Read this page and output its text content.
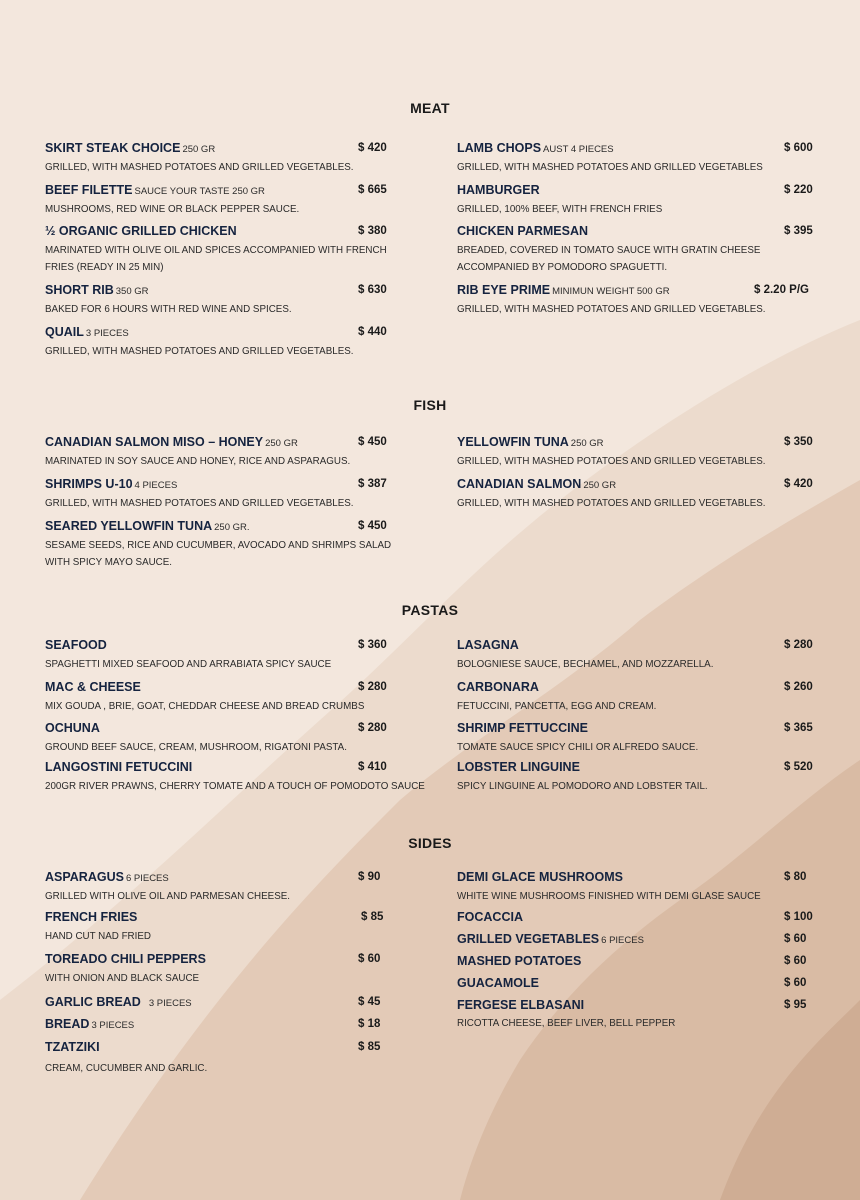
MEAT
SKIRT STEAK CHOICE 250 GR	$ 420
GRILLED, WITH MASHED POTATOES AND GRILLED VEGETABLES.
BEEF FILETTE SAUCE YOUR TASTE 250 GR	$ 665
MUSHROOMS, RED WINE OR BLACK PEPPER SAUCE.
½ ORGANIC GRILLED CHICKEN	$ 380
MARINATED WITH OLIVE OIL AND SPICES ACCOMPANIED WITH FRENCH FRIES (READY IN 25 MIN)
SHORT RIB 350 GR	$ 630
BAKED FOR 6 HOURS WITH RED WINE AND SPICES.
QUAIL 3 PIECES	$ 440
GRILLED, WITH MASHED POTATOES AND GRILLED VEGETABLES.
LAMB CHOPS AUST 4 PIECES	$ 600
GRILLED, WITH MASHED POTATOES AND GRILLED VEGETABLES
HAMBURGER	$ 220
GRILLED, 100% BEEF, WITH FRENCH FRIES
CHICKEN PARMESAN	$ 395
BREADED, COVERED IN TOMATO SAUCE WITH GRATIN CHEESE ACCOMPANIED BY POMODORO SPAGUETTI.
RIB EYE PRIME MINIMUN WEIGHT 500 GR	$ 2.20 P/G
GRILLED, WITH MASHED POTATOES AND GRILLED VEGETABLES.
FISH
CANADIAN SALMON MISO – HONEY 250 GR	$ 450
MARINATED IN SOY SAUCE AND HONEY, RICE AND ASPARAGUS.
SHRIMPS U-10 4 PIECES	$ 387
GRILLED, WITH MASHED POTATOES AND GRILLED VEGETABLES.
SEARED YELLOWFIN TUNA 250 GR.	$ 450
SESAME SEEDS, RICE AND CUCUMBER, AVOCADO AND SHRIMPS SALAD WITH SPICY MAYO SAUCE.
YELLOWFIN TUNA 250 GR	$ 350
GRILLED, WITH MASHED POTATOES AND GRILLED VEGETABLES.
CANADIAN SALMON 250 GR	$ 420
GRILLED, WITH MASHED POTATOES AND GRILLED VEGETABLES.
PASTAS
SEAFOOD	$ 360
SPAGHETTI MIXED SEAFOOD AND ARRABIATA SPICY SAUCE
MAC & CHEESE	$ 280
MIX GOUDA , BRIE, GOAT, CHEDDAR CHEESE AND BREAD CRUMBS
OCHUNA	$ 280
GROUND BEEF SAUCE, CREAM, MUSHROOM, RIGATONI PASTA.
LANGOSTINI FETUCCINI	$ 410
200GR RIVER PRAWNS, CHERRY TOMATE AND A TOUCH OF POMODOTO SAUCE
LASAGNA	$ 280
BOLOGNIESE SAUCE, BECHAMEL, AND MOZZARELLA.
CARBONARA	$ 260
FETUCCINI, PANCETTA, EGG AND CREAM.
SHRIMP FETTUCCINE	$ 365
TOMATE SAUCE SPICY CHILI OR ALFREDO SAUCE.
LOBSTER LINGUINE	$ 520
SPICY LINGUINE AL POMODORO AND LOBSTER TAIL.
SIDES
ASPARAGUS 6 PIECES	$ 90
GRILLED WITH OLIVE OIL AND PARMESAN CHEESE.
FRENCH FRIES	$ 85
HAND CUT NAD FRIED
TOREADO CHILI PEPPERS	$ 60
WITH ONION AND BLACK SAUCE
GARLIC BREAD 3 PIECES	$ 45
BREAD 3 PIECES	$ 18
TZATZIKI	$ 85
CREAM, CUCUMBER AND GARLIC.
DEMI GLACE MUSHROOMS	$ 80
WHITE WINE MUSHROOMS FINISHED WITH DEMI GLASE SAUCE
FOCACCIA	$ 100
GRILLED VEGETABLES 6 PIECES	$ 60
MASHED POTATOES	$ 60
GUACAMOLE	$ 60
FERGESE ELBASANI	$ 95
RICOTTA CHEESE, BEEF LIVER, BELL PEPPER
